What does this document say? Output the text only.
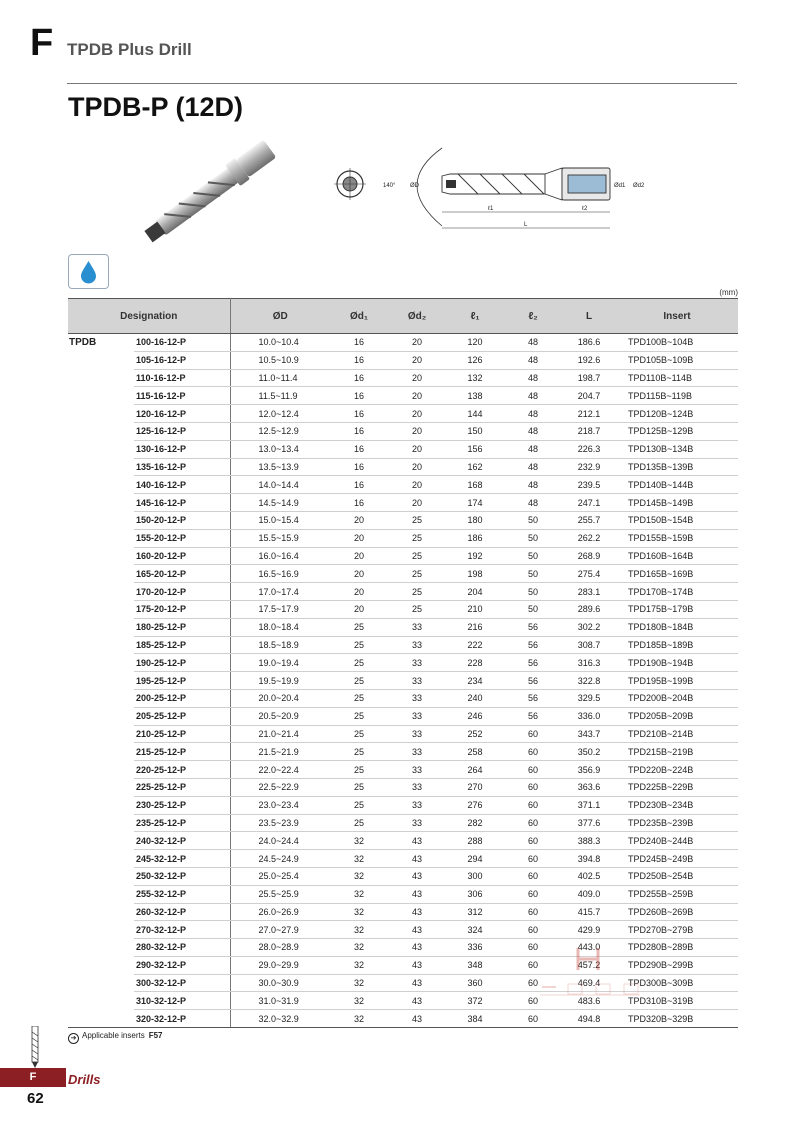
F TPDB Plus Drill
TPDB-P (12D)
140° ØD	Ød1 Ød2
ℓ1	ℓ2
L
(mm)
Designation		ØD	Ød₁	Ød₂	ℓ₁	ℓ₂	L	Insert
TPDB	100-16-12-P	10.0~10.4	16	20	120	48	186.6	TPD100B~104B
	105-16-12-P	10.5~10.9	16	20	126	48	192.6	TPD105B~109B
	110-16-12-P	11.0~11.4	16	20	132	48	198.7	TPD110B~114B
	115-16-12-P	11.5~11.9	16	20	138	48	204.7	TPD115B~119B
	120-16-12-P	12.0~12.4	16	20	144	48	212.1	TPD120B~124B
	125-16-12-P	12.5~12.9	16	20	150	48	218.7	TPD125B~129B
	130-16-12-P	13.0~13.4	16	20	156	48	226.3	TPD130B~134B
	135-16-12-P	13.5~13.9	16	20	162	48	232.9	TPD135B~139B
	140-16-12-P	14.0~14.4	16	20	168	48	239.5	TPD140B~144B
	145-16-12-P	14.5~14.9	16	20	174	48	247.1	TPD145B~149B
	150-20-12-P	15.0~15.4	20	25	180	50	255.7	TPD150B~154B
	155-20-12-P	15.5~15.9	20	25	186	50	262.2	TPD155B~159B
	160-20-12-P	16.0~16.4	20	25	192	50	268.9	TPD160B~164B
	165-20-12-P	16.5~16.9	20	25	198	50	275.4	TPD165B~169B
	170-20-12-P	17.0~17.4	20	25	204	50	283.1	TPD170B~174B
	175-20-12-P	17.5~17.9	20	25	210	50	289.6	TPD175B~179B
	180-25-12-P	18.0~18.4	25	33	216	56	302.2	TPD180B~184B
	185-25-12-P	18.5~18.9	25	33	222	56	308.7	TPD185B~189B
	190-25-12-P	19.0~19.4	25	33	228	56	316.3	TPD190B~194B
	195-25-12-P	19.5~19.9	25	33	234	56	322.8	TPD195B~199B
	200-25-12-P	20.0~20.4	25	33	240	56	329.5	TPD200B~204B
	205-25-12-P	20.5~20.9	25	33	246	56	336.0	TPD205B~209B
	210-25-12-P	21.0~21.4	25	33	252	60	343.7	TPD210B~214B
	215-25-12-P	21.5~21.9	25	33	258	60	350.2	TPD215B~219B
	220-25-12-P	22.0~22.4	25	33	264	60	356.9	TPD220B~224B
	225-25-12-P	22.5~22.9	25	33	270	60	363.6	TPD225B~229B
	230-25-12-P	23.0~23.4	25	33	276	60	371.1	TPD230B~234B
	235-25-12-P	23.5~23.9	25	33	282	60	377.6	TPD235B~239B
	240-32-12-P	24.0~24.4	32	43	288	60	388.3	TPD240B~244B
	245-32-12-P	24.5~24.9	32	43	294	60	394.8	TPD245B~249B
	250-32-12-P	25.0~25.4	32	43	300	60	402.5	TPD250B~254B
	255-32-12-P	25.5~25.9	32	43	306	60	409.0	TPD255B~259B
	260-32-12-P	26.0~26.9	32	43	312	60	415.7	TPD260B~269B
	270-32-12-P	27.0~27.9	32	43	324	60	429.9	TPD270B~279B
	280-32-12-P	28.0~28.9	32	43	336	60	443.0	TPD280B~289B
	290-32-12-P	29.0~29.9	32	43	348	60	457.2	TPD290B~299B
	300-32-12-P	30.0~30.9	32	43	360	60	469.4	TPD300B~309B
	310-32-12-P	31.0~31.9	32	43	372	60	483.6	TPD310B~319B
	320-32-12-P	32.0~32.9	32	43	384	60	494.8	TPD320B~329B
➔ Applicable inserts F57
F	Drills
62
